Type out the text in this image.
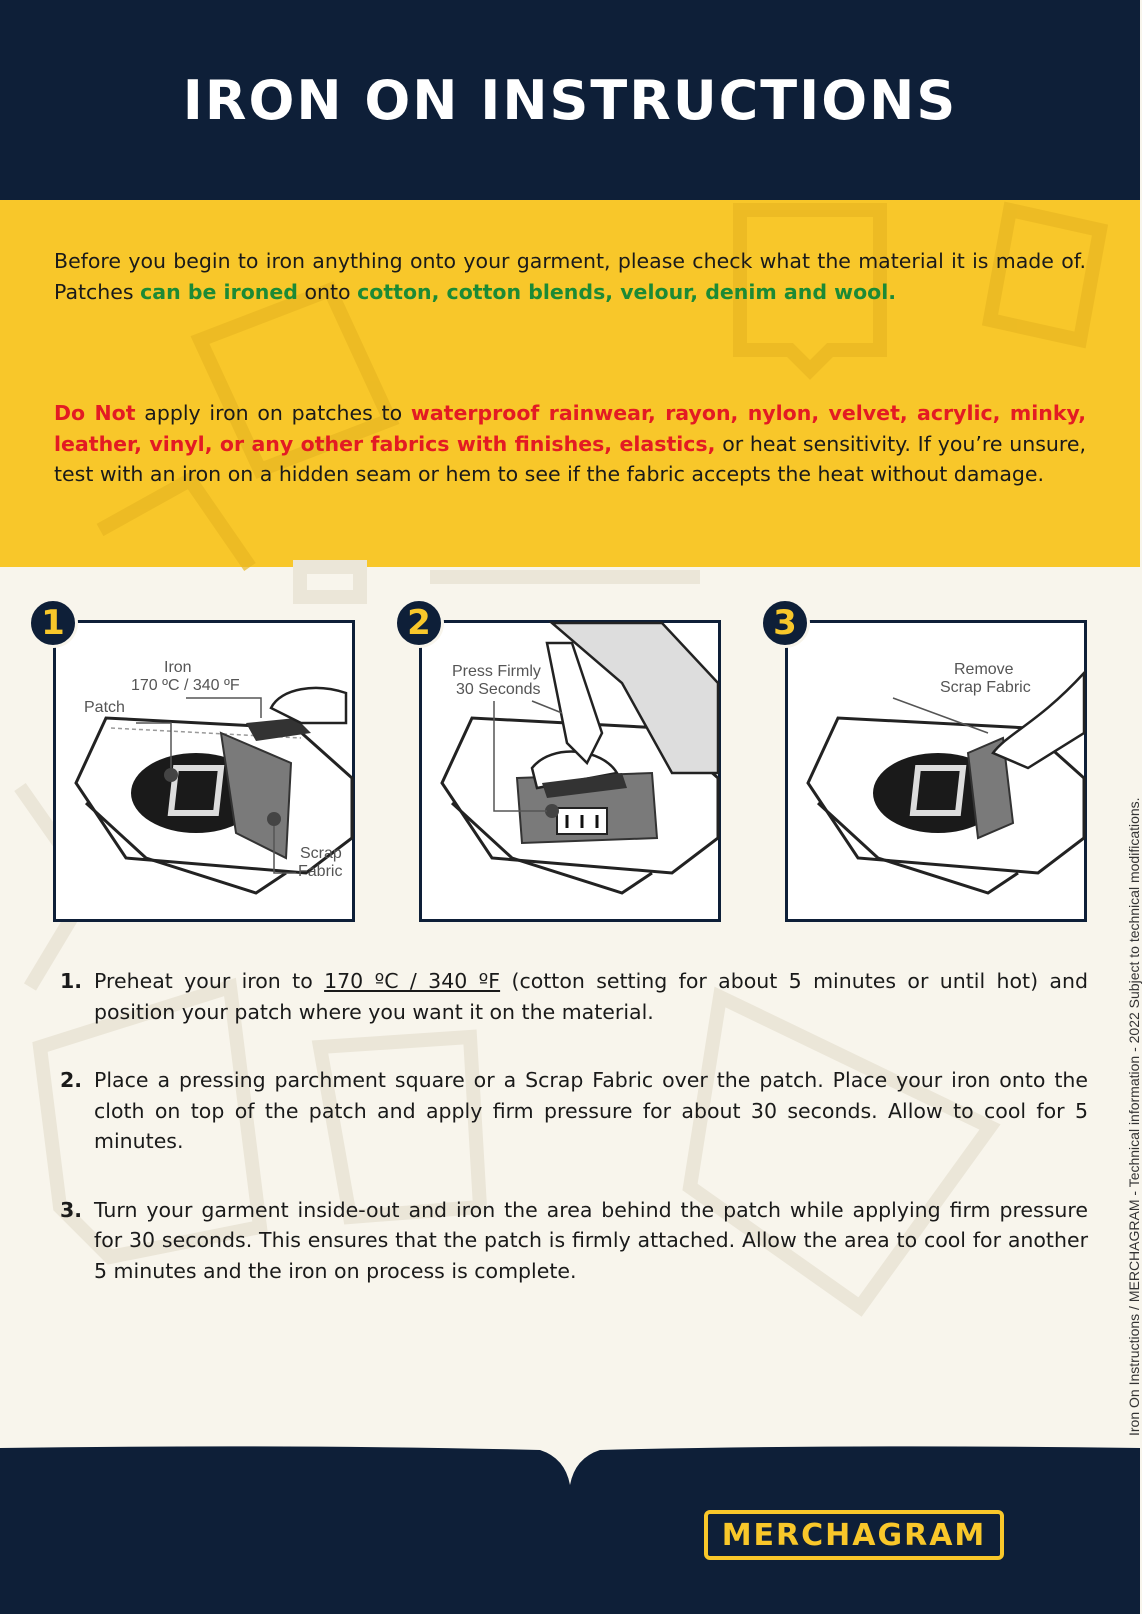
IRON ON INSTRUCTIONS

Before you begin to iron anything onto your garment, please check what the material it is made of. Patches can be ironed onto cotton, cotton blends, velour, denim and wool.

Do Not apply iron on patches to waterproof rainwear, rayon, nylon, velvet, acrylic, minky, leather, vinyl, or any other fabrics with finishes, elastics, or heat sensitivity. If you’re unsure, test with an iron on a hidden seam or hem to see if the fabric accepts the heat without damage.

Iron
170 ºC / 340 ºF
Patch
Scrap
Fabric
1
Press Firmly
30 Seconds
2
Remove
Scrap Fabric
3

1. Preheat your iron to 170 ºC / 340 ºF (cotton setting for about 5 minutes or until hot) and position your patch where you want it on the material.

2. Place a pressing parchment square or a Scrap Fabric over the patch. Place your iron onto the cloth on top of the patch and apply firm pressure for about 30 seconds. Allow to cool for 5 minutes.

3. Turn your garment inside-out and iron the area behind the patch while applying firm pressure for 30 seconds. This ensures that the patch is firmly attached. Allow the area to cool for another 5 minutes and the iron on process is complete.	Iron On Instructions / MERCHAGRAM - Technical information - 2022 Subject to technical modifications.
MERCHAGRAM
